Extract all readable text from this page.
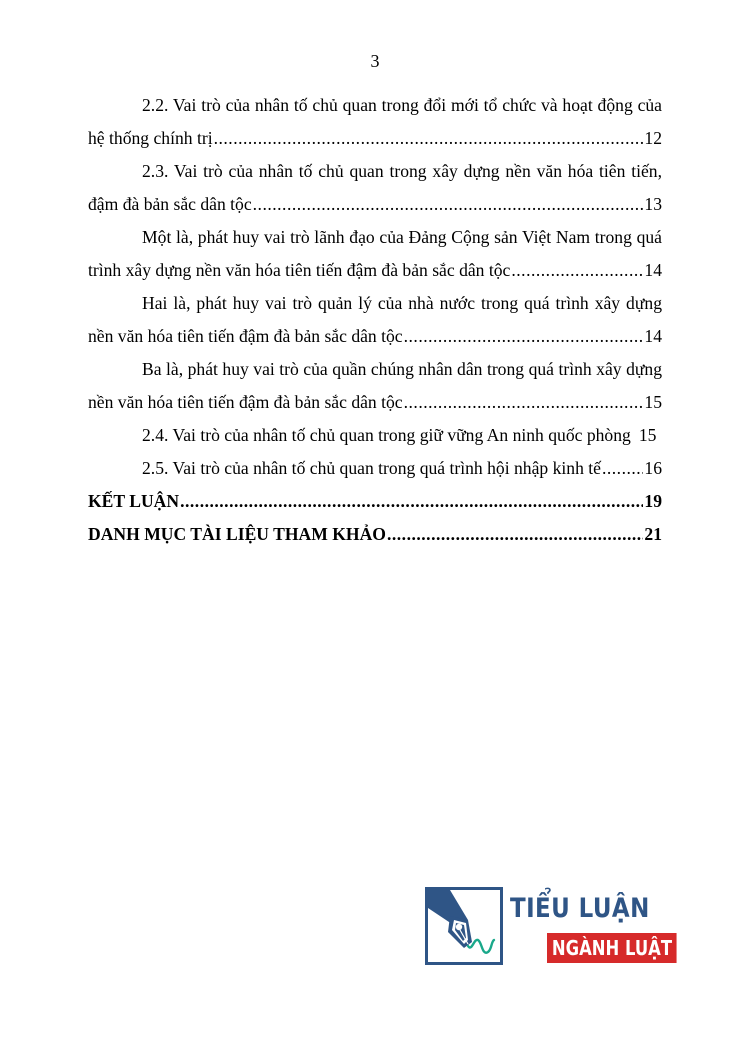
3
2.2. Vai trò của nhân tố chủ quan trong đổi mới tổ chức và hoạt động của
hệ thống chính trị .....	12
2.3. Vai trò của nhân tố chủ quan trong xây dựng nền văn hóa tiên tiến,
đậm đà bản sắc dân tộc .....	13
Một là, phát huy vai trò lãnh đạo của Đảng Cộng sản Việt Nam trong quá
trình xây dựng nền văn hóa tiên tiến đậm đà bản sắc dân tộc .....	14
Hai là, phát huy vai trò quản lý của nhà nước trong quá trình xây dựng
nền văn hóa tiên tiến đậm đà bản sắc dân tộc .....	14
Ba là, phát huy vai trò của quần chúng nhân dân trong quá trình xây dựng
nền văn hóa tiên tiến đậm đà bản sắc dân tộc .....	15
2.4. Vai trò của nhân tố chủ quan trong giữ vững An ninh quốc phòng 15
2.5. Vai trò của nhân tố chủ quan trong quá trình hội nhập kinh tế ..... 16
KẾT LUẬN .....	19
DANH MỤC TÀI LIỆU THAM KHẢO .....	21
TIỂU LUẬN
NGÀNH LUẬT
